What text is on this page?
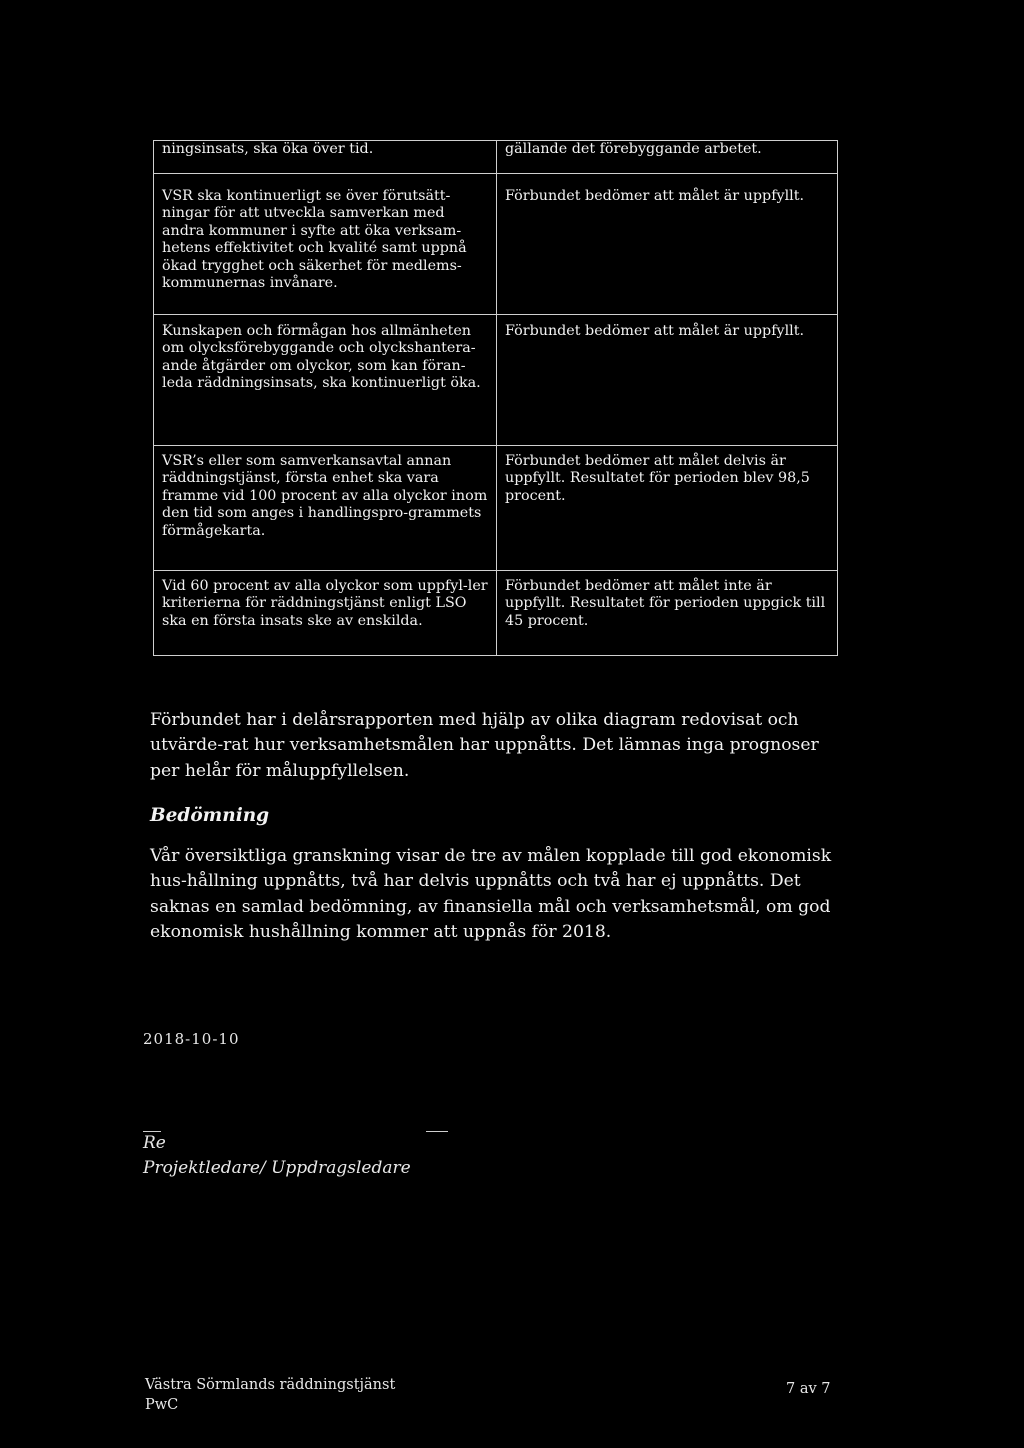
ningsinsats, ska öka över tid.	gällande det förebyggande arbetet.
VSR ska kontinuerligt se över förutsätt-ningar för att utveckla samverkan med andra kommuner i syfte att öka verksam-hetens effektivitet och kvalité samt uppnå ökad trygghet och säkerhet för medlems-kommunernas invånare.	Förbundet bedömer att målet är uppfyllt.
Kunskapen och förmågan hos allmänheten om olycksförebyggande och olyckshantera-ande åtgärder om olyckor, som kan föran-leda räddningsinsats, ska kontinuerligt öka.	Förbundet bedömer att målet är uppfyllt.
VSR’s eller som samverkansavtal annan räddningstjänst, första enhet ska vara framme vid 100 procent av alla olyckor inom den tid som anges i handlingspro-grammets förmågekarta.	Förbundet bedömer att målet delvis är uppfyllt. Resultatet för perioden blev 98,5 procent.
Vid 60 procent av alla olyckor som uppfyl-ler kriterierna för räddningstjänst enligt LSO ska en första insats ske av enskilda.	Förbundet bedömer att målet inte är uppfyllt. Resultatet för perioden uppgick till 45 procent.
Förbundet har i delårsrapporten med hjälp av olika diagram redovisat och utvärde-rat hur verksamhetsmålen har uppnåtts. Det lämnas inga prognoser per helår för måluppfyllelsen.
Bedömning
Vår översiktliga granskning visar de tre av målen kopplade till god ekonomisk hus-hållning uppnåtts, två har delvis uppnåtts och två har ej uppnåtts. Det saknas en samlad bedömning, av finansiella mål och verksamhetsmål, om god ekonomisk hushållning kommer att uppnås för 2018.
2018-10-10
Re
Projektledare/ Uppdragsledare
Västra Sörmlands räddningstjänst
PwC
7 av 7
